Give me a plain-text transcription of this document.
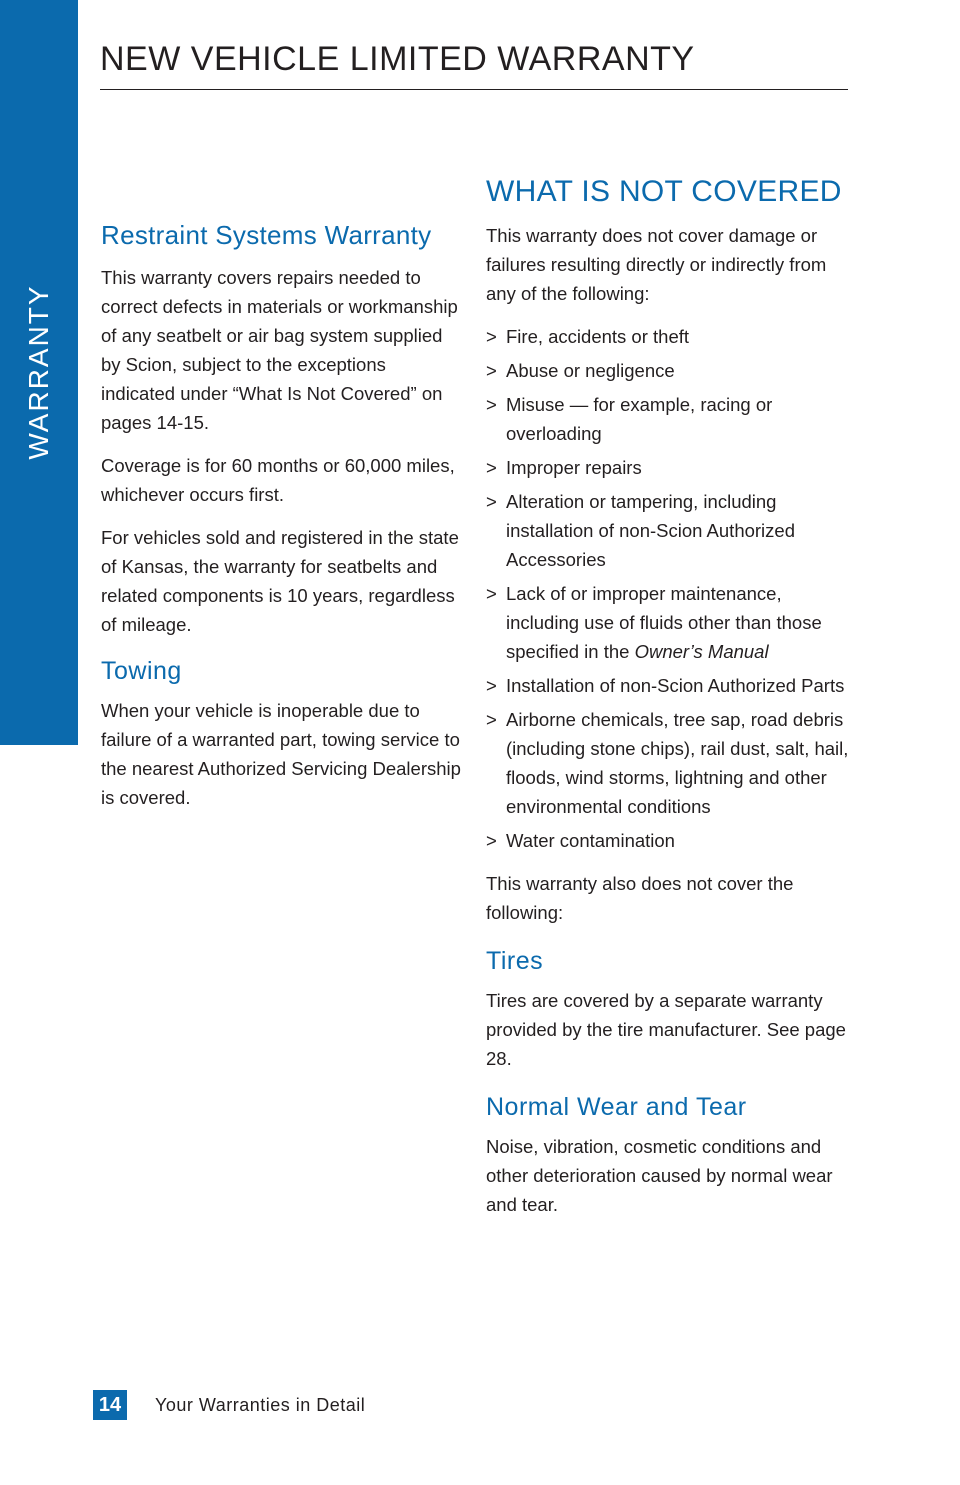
WARRANTY
NEW VEHICLE LIMITED WARRANTY
Restraint Systems Warranty

This warranty covers repairs needed to correct defects in materials or workmanship of any seatbelt or air bag system supplied by Scion, subject to the exceptions indicated under “What Is Not Covered” on pages 14-15.

Coverage is for 60 months or 60,000 miles, whichever occurs first.

For vehicles sold and registered in the state of Kansas, the warranty for seatbelts and related components is 10 years, regardless of mileage.

Towing

When your vehicle is inoperable due to failure of a warranted part, towing service to the nearest Authorized Servicing Dealership is covered.

WHAT IS NOT COVERED

This warranty does not cover damage or failures resulting directly or indirectly from any of the following:

> Fire, accidents or theft
> Abuse or negligence
> Misuse — for example, racing or overloading
> Improper repairs
> Alteration or tampering, including installation of non-Scion Authorized Accessories
> Lack of or improper maintenance, including use of fluids other than those specified in the Owner’s Manual
> Installation of non-Scion Authorized Parts
> Airborne chemicals, tree sap, road debris (including stone chips), rail dust, salt, hail, floods, wind storms, lightning and other environmental conditions
> Water contamination

This warranty also does not cover the following:

Tires

Tires are covered by a separate warranty provided by the tire manufacturer. See page 28.

Normal Wear and Tear

Noise, vibration, cosmetic conditions and other deterioration caused by normal wear and tear.

14	Your Warranties in Detail
